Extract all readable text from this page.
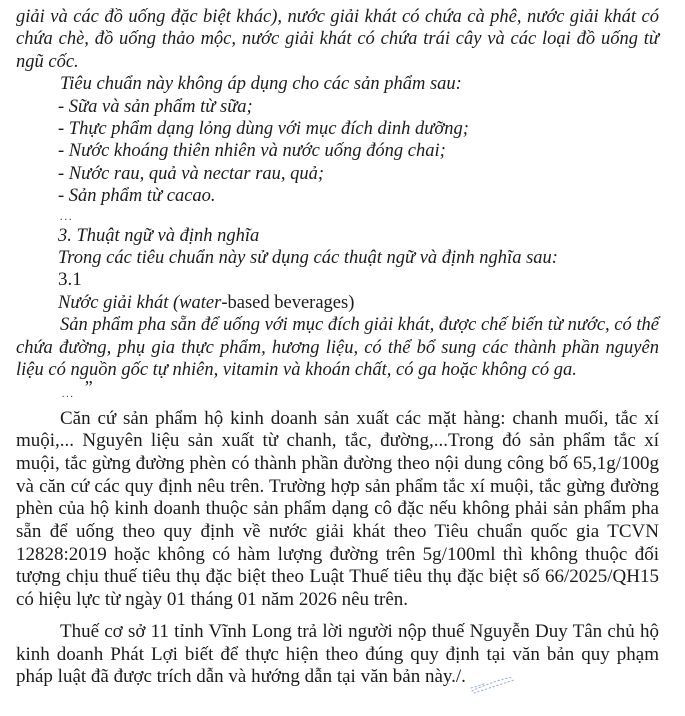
giải và các đồ uống đặc biệt khác), nước giải khát có chứa cà phê, nước giải khát có chứa chè, đồ uống thảo mộc, nước giải khát có chứa trái cây và các loại đồ uống từ ngũ cốc.

Tiêu chuẩn này không áp dụng cho các sản phẩm sau:

- Sữa và sản phẩm từ sữa;

- Thực phẩm dạng lỏng dùng với mục đích dinh dưỡng;

- Nước khoáng thiên nhiên và nước uống đóng chai;

- Nước rau, quả và nectar rau, quả;

- Sản phẩm từ cacao.

...

3. Thuật ngữ và định nghĩa

Trong các tiêu chuẩn này sử dụng các thuật ngữ và định nghĩa sau:

3.1

Nước giải khát (water-based beverages)

Sản phẩm pha sẵn để uống với mục đích giải khát, được chế biến từ nước, có thể chứa đường, phụ gia thực phẩm, hương liệu, có thể bổ sung các thành phần nguyên liệu có nguồn gốc tự nhiên, vitamin và khoán chất, có ga hoặc không có ga.

... ”

Căn cứ sản phẩm hộ kinh doanh sản xuất các mặt hàng: chanh muối, tắc xí muội,... Nguyên liệu sản xuất từ chanh, tắc, đường,...Trong đó sản phẩm tắc xí muội, tắc gừng đường phèn có thành phần đường theo nội dung công bố 65,1g/100g và căn cứ các quy định nêu trên. Trường hợp sản phẩm tắc xí muội, tắc gừng đường phèn của hộ kinh doanh thuộc sản phẩm dạng cô đặc nếu không phải sản phẩm pha sẵn để uống theo quy định về nước giải khát theo Tiêu chuẩn quốc gia TCVN 12828:2019 hoặc không có hàm lượng đường trên 5g/100ml thì không thuộc đối tượng chịu thuế tiêu thụ đặc biệt theo Luật Thuế tiêu thụ đặc biệt số 66/2025/QH15 có hiệu lực từ ngày 01 tháng 01 năm 2026 nêu trên.

Thuế cơ sở 11 tỉnh Vĩnh Long trả lời người nộp thuế Nguyễn Duy Tân chủ hộ kinh doanh Phát Lợi biết để thực hiện theo đúng quy định tại văn bản quy phạm pháp luật đã được trích dẫn và hướng dẫn tại văn bản này./.
